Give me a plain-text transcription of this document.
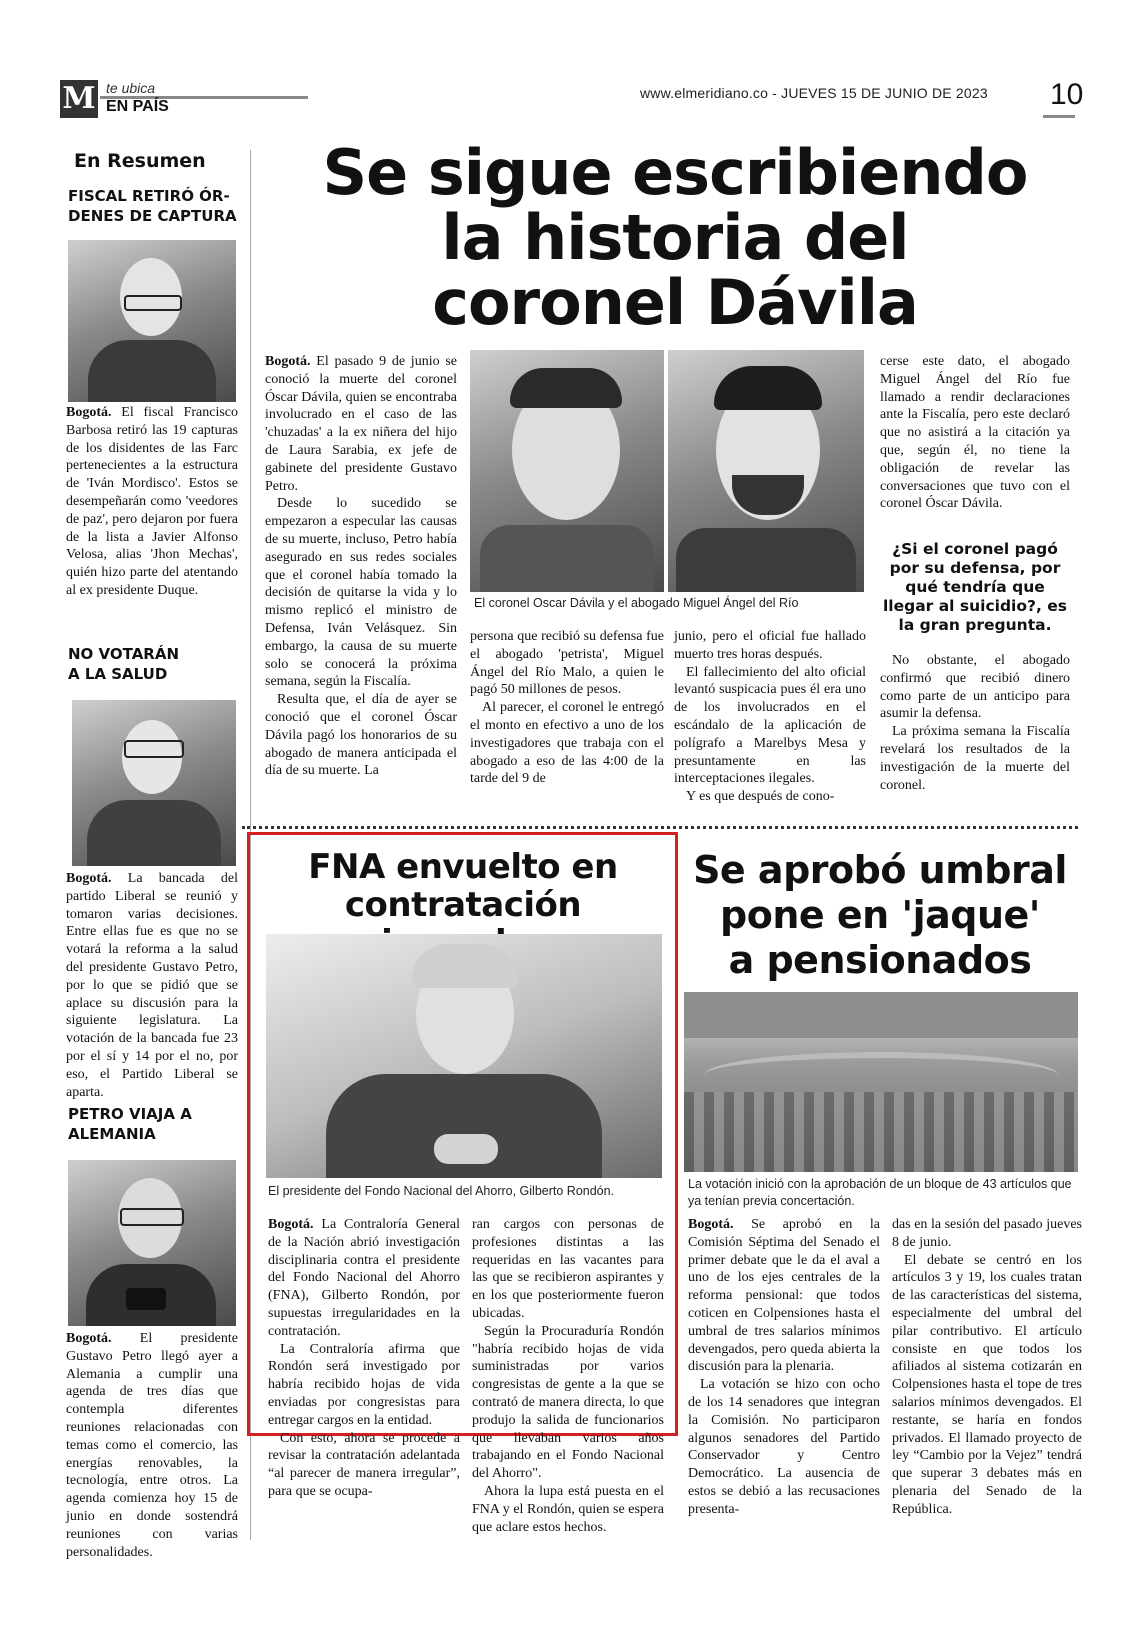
M te ubica
EN PAÍS
www.elmeridiano.co - JUEVES 15 DE JUNIO DE 2023 10
En Resumen
FISCAL RETIRÓ ÓR-
DENES DE CAPTURA

Bogotá. El fiscal Francisco Barbosa retiró las 19 capturas de los disidentes de las Farc pertenecientes a la estructura de 'Iván Mordisco'. Estos se desempeñarán como 'veedores de paz', pero dejaron por fuera de la lista a Javier Alfonso Velosa, alias 'Jhon Mechas', quién hizo parte del atentando al ex presidente Duque.

NO VOTARÁN
A LA SALUD

Bogotá. La bancada del partido Liberal se reunió y tomaron varias decisiones. Entre ellas fue es que no se votará la reforma a la salud del presidente Gustavo Petro, por lo que se pidió que se aplace su discusión para la siguiente legislatura. La votación de la bancada fue 23 por el sí y 14 por el no, por eso, el Partido Liberal se aparta.

PETRO VIAJA A
ALEMANIA

Bogotá. El presidente Gustavo Petro llegó ayer a Alemania a cumplir una agenda de tres días que contempla diferentes reuniones relacionadas con temas como el comercio, las energías renovables, la tecnología, entre otros. La agenda comienza hoy 15 de junio en donde sostendrá reuniones con varias personalidades.

Se sigue escribiendo
la historia del
coronel Dávila

Bogotá. El pasado 9 de junio se conoció la muerte del coronel Óscar Dávila, quien se encontraba involucrado en el caso de las 'chuzadas' a la ex niñera del hijo de Laura Sarabia, ex jefe de gabinete del presidente Gustavo Petro.

Desde lo sucedido se empezaron a especular las causas de su muerte, incluso, Petro había asegurado en sus redes sociales que el coronel había tomado la decisión de quitarse la vida y lo mismo replicó el ministro de Defensa, Iván Velásquez. Sin embargo, la causa de su muerte solo se conocerá la próxima semana, según la Fiscalía.

Resulta que, el día de ayer se conoció que el coronel Óscar Dávila pagó los honorarios de su abogado de manera anticipada el día de su muerte. La

El coronel Oscar Dávila y el abogado Miguel Ángel del Río

persona que recibió su defensa fue el abogado 'petrista', Miguel Ángel del Río Malo, a quien le pagó 50 millones de pesos.

Al parecer, el coronel le entregó el monto en efectivo a uno de los investigadores que trabaja con el abogado a eso de las 4:00 de la tarde del 9 de

junio, pero el oficial fue hallado muerto tres horas después.

El fallecimiento del alto oficial levantó suspicacia pues él era uno de los involucrados en el escándalo de la aplicación de polígrafo a Marelbys Mesa y presuntamente en las interceptaciones ilegales.

Y es que después de cono-

cerse este dato, el abogado Miguel Ángel del Río fue llamado a rendir declaraciones ante la Fiscalía, pero este declaró que no asistirá a la citación ya que, según él, no tiene la obligación de revelar las conversaciones que tuvo con el coronel Óscar Dávila.

¿Si el coronel pagó
por su defensa, por
qué tendría que
llegar al suicidio?, es
la gran pregunta.

No obstante, el abogado confirmó que recibió dinero como parte de un anticipo para asumir la defensa.

La próxima semana la Fiscalía revelará los resultados de la investigación de la muerte del coronel.

FNA envuelto en
contratación
El presidente del Fondo Nacional del Ahorro, Gilberto Rondón.

Bogotá. La Contraloría General de la Nación abrió investigación disciplinaria contra el presidente del Fondo Nacional del Ahorro (FNA), Gilberto Rondón, por supuestas irregularidades en la contratación.

La Contraloría afirma que Rondón será investigado por habría recibido hojas de vida enviadas por congresistas para entregar cargos en la entidad.

Con esto, ahora se procede a revisar la contratación adelantada “al parecer de manera irregular”, para que se ocupa-

ran cargos con personas de profesiones distintas a las requeridas en las vacantes para las que se recibieron aspirantes y en los que posteriormente fueron ubicadas.

Según la Procuraduría Rondón "habría recibido hojas de vida suministradas por varios congresistas de gente a la que se contrató de manera directa, lo que produjo la salida de funcionarios que llevaban varios años trabajando en el Fondo Nacional del Ahorro".

Ahora la lupa está puesta en el FNA y el Rondón, quien se espera que aclare estos hechos.

Se aprobó umbral
pone en 'jaque'
a pensionados
La votación inició con la aprobación de un bloque de 43 artículos que
ya tenían previa concertación.

Bogotá. Se aprobó en la Comisión Séptima del Senado el primer debate que le da el aval a uno de los ejes centrales de la reforma pensional: que todos coticen en Colpensiones hasta el umbral de tres salarios mínimos devengados, pero queda abierta la discusión para la plenaria.

La votación se hizo con ocho de los 14 senadores que integran la Comisión. No participaron algunos senadores del Partido Conservador y Centro Democrático. La ausencia de estos se debió a las recusaciones presenta-

das en la sesión del pasado jueves 8 de junio.

El debate se centró en los artículos 3 y 19, los cuales tratan de las características del sistema, especialmente del umbral del pilar contributivo. El artículo consiste en que todos los afiliados al sistema cotizarán en Colpensiones hasta el tope de tres salarios mínimos devengados. El restante, se haría en fondos privados. El llamado proyecto de ley “Cambio por la Vejez” tendrá que superar 3 debates más en plenaria del Senado de la República.
